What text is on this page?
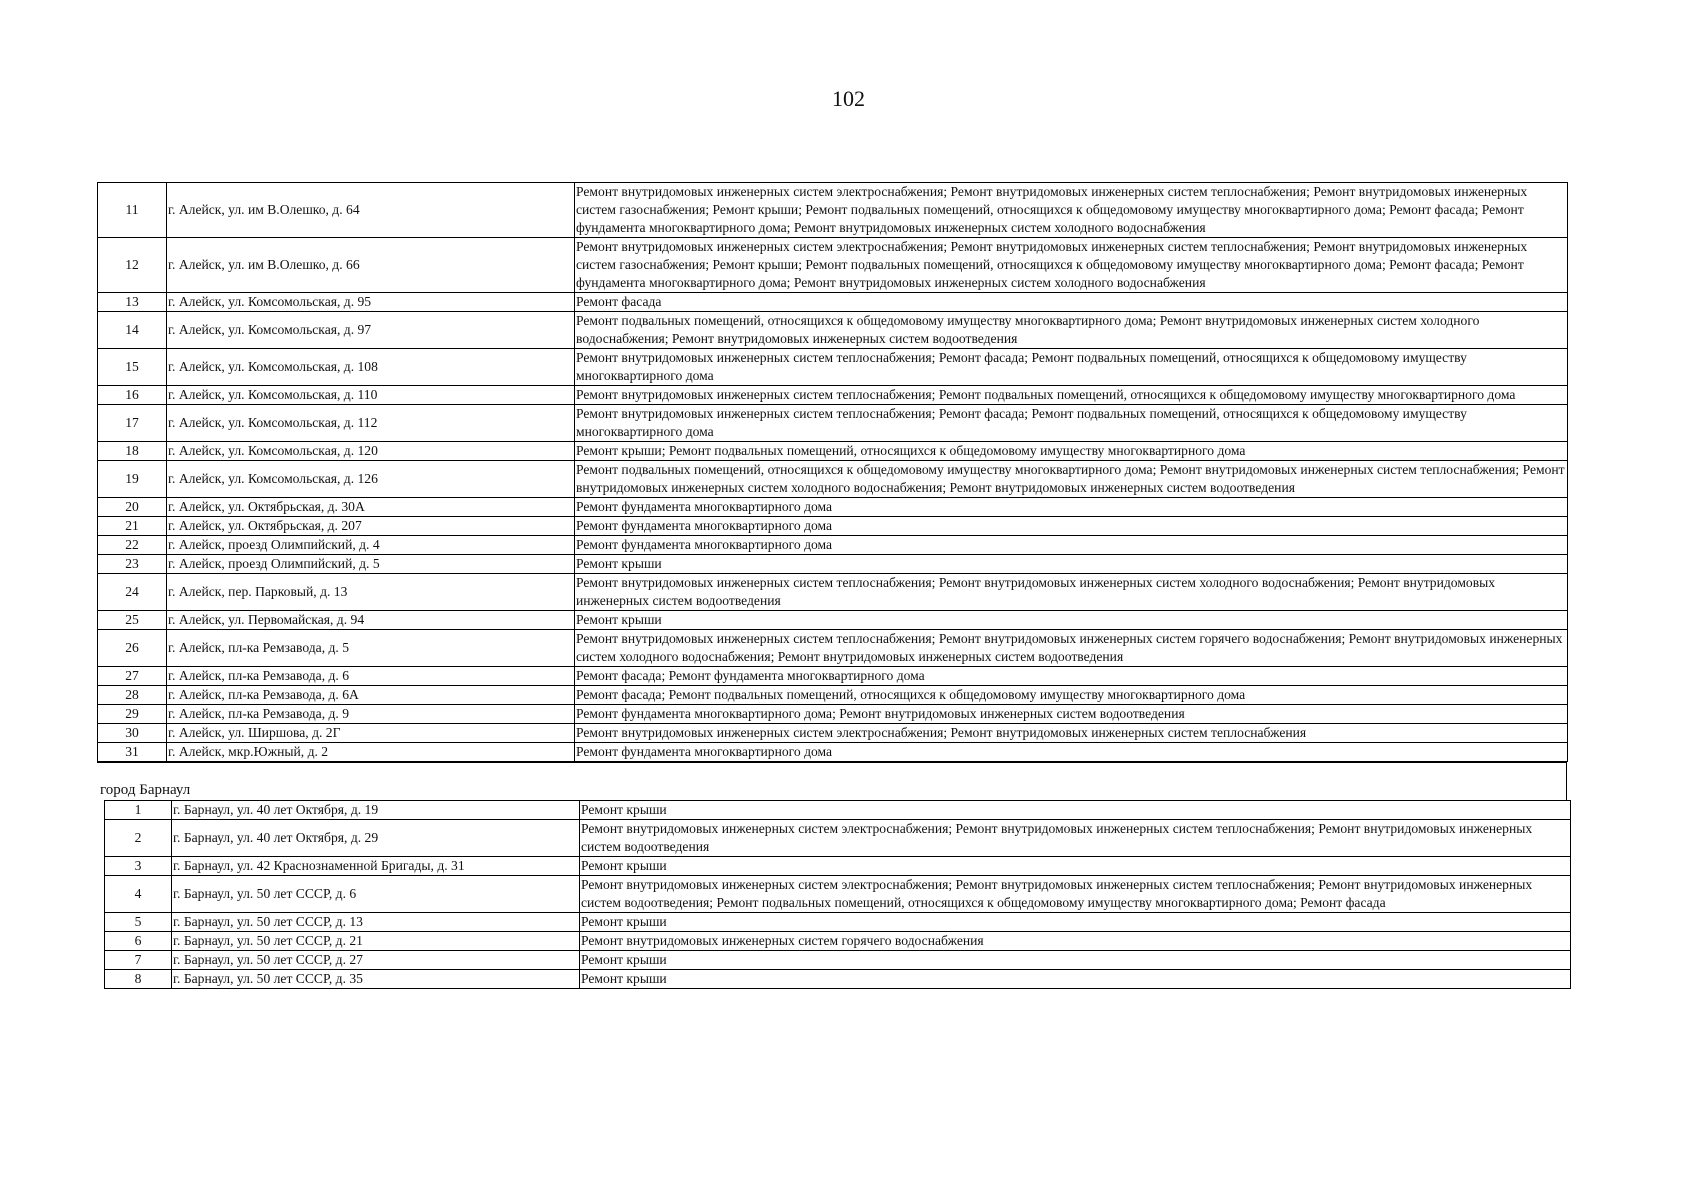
102
11	г. Алейск, ул. им В.Олешко, д. 64	Ремонт внутридомовых инженерных систем электроснабжения; Ремонт внутридомовых инженерных систем теплоснабжения; Ремонт внутридомовых инженерных систем газоснабжения; Ремонт крыши; Ремонт подвальных помещений, относящихся к общедомовому имуществу многоквартирного дома; Ремонт фасада; Ремонт фундамента многоквартирного дома; Ремонт внутридомовых инженерных систем холодного водоснабжения
12	г. Алейск, ул. им В.Олешко, д. 66	Ремонт внутридомовых инженерных систем электроснабжения; Ремонт внутридомовых инженерных систем теплоснабжения; Ремонт внутридомовых инженерных систем газоснабжения; Ремонт крыши; Ремонт подвальных помещений, относящихся к общедомовому имуществу многоквартирного дома; Ремонт фасада; Ремонт фундамента многоквартирного дома; Ремонт внутридомовых инженерных систем холодного водоснабжения
13	г. Алейск, ул. Комсомольская, д. 95	Ремонт фасада
14	г. Алейск, ул. Комсомольская, д. 97	Ремонт подвальных помещений, относящихся к общедомовому имуществу многоквартирного дома; Ремонт внутридомовых инженерных систем холодного водоснабжения; Ремонт внутридомовых инженерных систем водоотведения
15	г. Алейск, ул. Комсомольская, д. 108	Ремонт внутридомовых инженерных систем теплоснабжения; Ремонт фасада; Ремонт подвальных помещений, относящихся к общедомовому имуществу многоквартирного дома
16	г. Алейск, ул. Комсомольская, д. 110	Ремонт внутридомовых инженерных систем теплоснабжения; Ремонт подвальных помещений, относящихся к общедомовому имуществу многоквартирного дома
17	г. Алейск, ул. Комсомольская, д. 112	Ремонт внутридомовых инженерных систем теплоснабжения; Ремонт фасада; Ремонт подвальных помещений, относящихся к общедомовому имуществу многоквартирного дома
18	г. Алейск, ул. Комсомольская, д. 120	Ремонт крыши; Ремонт подвальных помещений, относящихся к общедомовому имуществу многоквартирного дома
19	г. Алейск, ул. Комсомольская, д. 126	Ремонт подвальных помещений, относящихся к общедомовому имуществу многоквартирного дома; Ремонт внутридомовых инженерных систем теплоснабжения; Ремонт внутридомовых инженерных систем холодного водоснабжения; Ремонт внутридомовых инженерных систем водоотведения
20	г. Алейск, ул. Октябрьская, д. 30А	Ремонт фундамента многоквартирного дома
21	г. Алейск, ул. Октябрьская, д. 207	Ремонт фундамента многоквартирного дома
22	г. Алейск, проезд Олимпийский, д. 4	Ремонт фундамента многоквартирного дома
23	г. Алейск, проезд Олимпийский, д. 5	Ремонт крыши
24	г. Алейск, пер. Парковый, д. 13	Ремонт внутридомовых инженерных систем теплоснабжения; Ремонт внутридомовых инженерных систем холодного водоснабжения; Ремонт внутридомовых инженерных систем водоотведения
25	г. Алейск, ул. Первомайская, д. 94	Ремонт крыши
26	г. Алейск, пл-ка Ремзавода, д. 5	Ремонт внутридомовых инженерных систем теплоснабжения; Ремонт внутридомовых инженерных систем горячего водоснабжения; Ремонт внутридомовых инженерных систем холодного водоснабжения; Ремонт внутридомовых инженерных систем водоотведения
27	г. Алейск, пл-ка Ремзавода, д. 6	Ремонт фасада; Ремонт фундамента многоквартирного дома
28	г. Алейск, пл-ка Ремзавода, д. 6А	Ремонт фасада; Ремонт подвальных помещений, относящихся к общедомовому имуществу многоквартирного дома
29	г. Алейск, пл-ка Ремзавода, д. 9	Ремонт фундамента многоквартирного дома; Ремонт внутридомовых инженерных систем водоотведения
30	г. Алейск, ул. Ширшова, д. 2Г	Ремонт внутридомовых инженерных систем электроснабжения; Ремонт внутридомовых инженерных систем теплоснабжения
31	г. Алейск, мкр.Южный, д. 2	Ремонт фундамента многоквартирного дома
город Барнаул
1	г. Барнаул, ул. 40 лет Октября, д. 19	Ремонт крыши
2	г. Барнаул, ул. 40 лет Октября, д. 29	Ремонт внутридомовых инженерных систем электроснабжения; Ремонт внутридомовых инженерных систем теплоснабжения; Ремонт внутридомовых инженерных систем водоотведения
3	г. Барнаул, ул. 42 Краснознаменной Бригады, д. 31	Ремонт крыши
4	г. Барнаул, ул. 50 лет СССР, д. 6	Ремонт внутридомовых инженерных систем электроснабжения; Ремонт внутридомовых инженерных систем теплоснабжения; Ремонт внутридомовых инженерных систем водоотведения; Ремонт подвальных помещений, относящихся к общедомовому имуществу многоквартирного дома; Ремонт фасада
5	г. Барнаул, ул. 50 лет СССР, д. 13	Ремонт крыши
6	г. Барнаул, ул. 50 лет СССР, д. 21	Ремонт внутридомовых инженерных систем горячего водоснабжения
7	г. Барнаул, ул. 50 лет СССР, д. 27	Ремонт крыши
8	г. Барнаул, ул. 50 лет СССР, д. 35	Ремонт крыши
